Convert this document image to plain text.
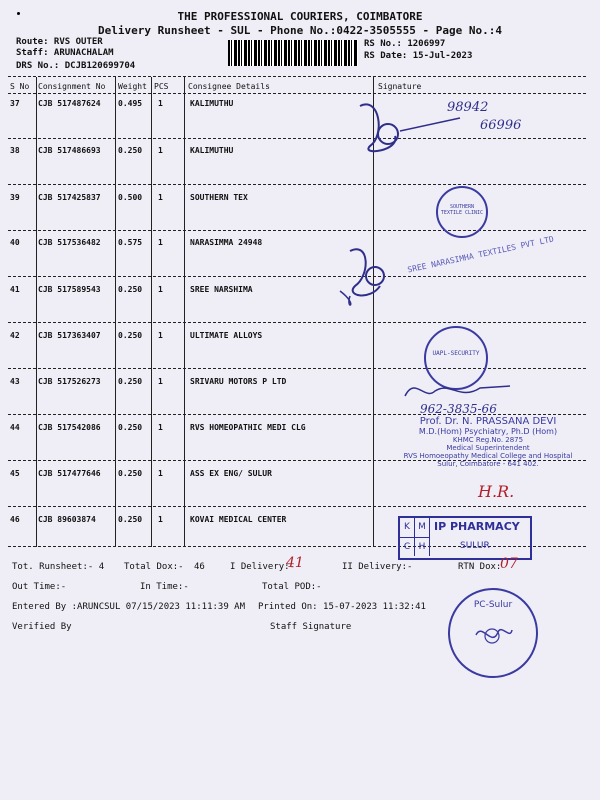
THE PROFESSIONAL COURIERS, COIMBATORE
Delivery Runsheet - SUL - Phone No.:0422-3505555 - Page No.:4
Route: RVS OUTER
Staff: ARUNACHALAM
DRS No.: DCJB120699704
RS No.: 1206997
RS Date: 15-Jul-2023
S No Consignment No Weight PCS Consignee Details	Signature
37 CJB 517487624 0.495 1	KALIMUTHU
38 CJB 517486693 0.250 1	KALIMUTHU
39 CJB 517425837 0.500 1	SOUTHERN TEX
40 CJB 517536482 0.575 1	NARASIMMA 24948
41 CJB 517589543 0.250 1	SREE NARSHIMA
42 CJB 517363407 0.250 1	ULTIMATE ALLOYS
43 CJB 517526273 0.250 1	SRIVARU MOTORS P LTD
44 CJB 517542086 0.250 1	RVS HOMEOPATHIC MEDI CLG
45 CJB 517477646 0.250 1	ASS EX ENG/ SULUR
46 CJB 89603874	0.250 1	KOVAI MEDICAL CENTER
98942
66996
SOUTHERN TEXTILE CLINIC
SREE NARASIMHA TEXTILES PVT LTD
UAPL-SECURITY
962-3835-66
Prof. Dr. N. PRASSANA DEVI
M.D.(Hom) Psychiatry, Ph.D (Hom)
KHMC Reg.No. 2875
Medical Superintendent
RVS Homoeopathy Medical College and Hospital
Sulur, Coimbatore - 641 402.
H.R.
K M
C H
IP PHARMACY
SULUR
Tot. Runsheet:- 4 Total Dox:- 46	I Delivery:-
41	II Delivery:-	RTN Dox:
07
Out Time:-	In Time:-	Total POD:-
Entered By :ARUNCSUL 07/15/2023 11:11:39 AM Printed On: 15-07-2023 11:32:41
Verified By	Staff Signature
PC-Sulur
